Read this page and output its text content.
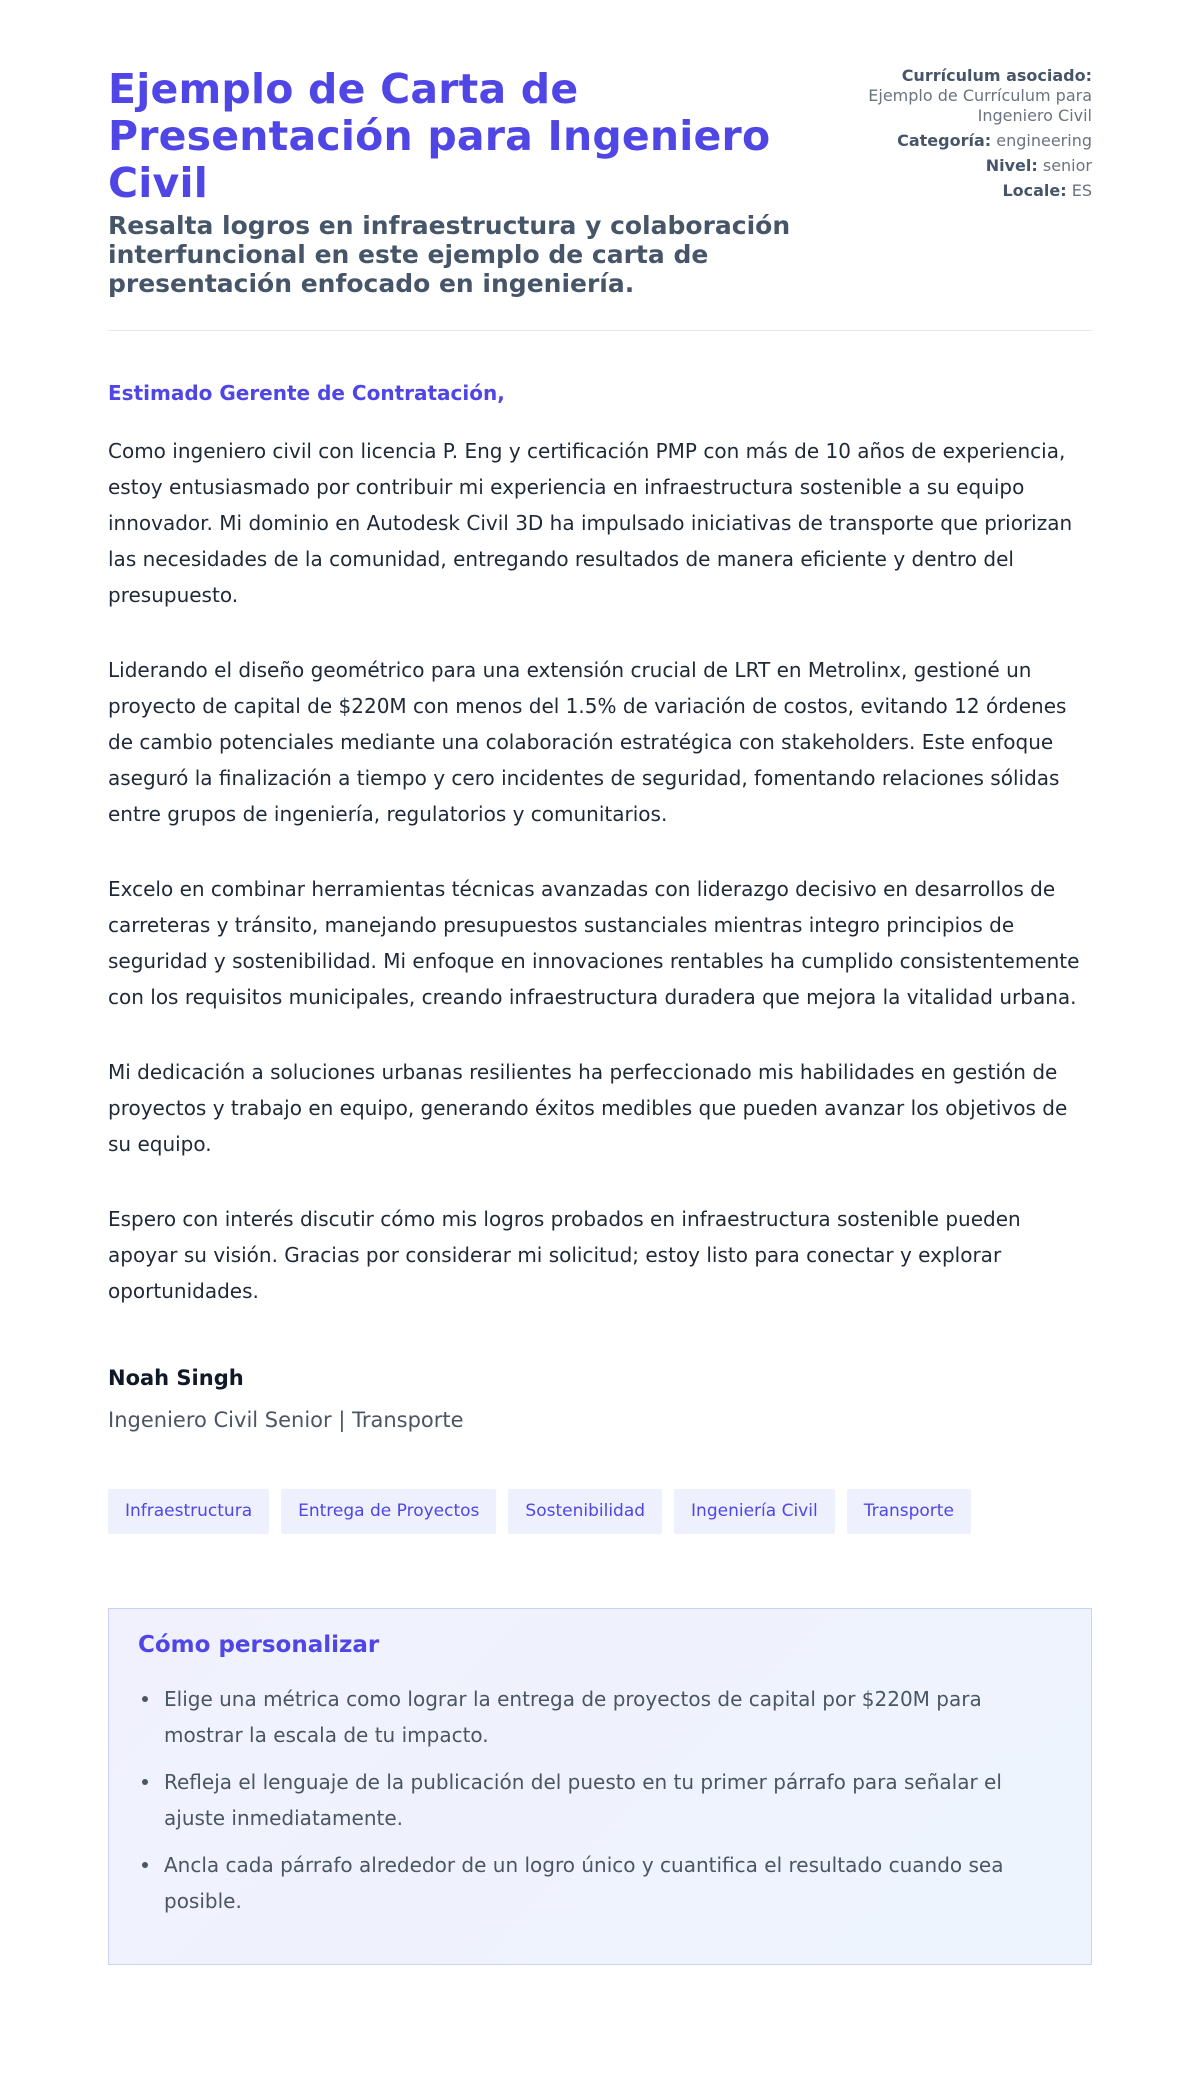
Ejemplo de Carta de Presentación para Ingeniero Civil
Resalta logros en infraestructura y colaboración interfuncional en este ejemplo de carta de presentación enfocado en ingeniería.
Currículum asociado:
Ejemplo de Currículum para Ingeniero Civil
Categoría: engineering
Nivel: senior
Locale: ES
Estimado Gerente de Contratación,

Como ingeniero civil con licencia P. Eng y certificación PMP con más de 10 años de experiencia, estoy entusiasmado por contribuir mi experiencia en infraestructura sostenible a su equipo innovador. Mi dominio en Autodesk Civil 3D ha impulsado iniciativas de transporte que priorizan las necesidades de la comunidad, entregando resultados de manera eficiente y dentro del presupuesto.

Liderando el diseño geométrico para una extensión crucial de LRT en Metrolinx, gestioné un proyecto de capital de $220M con menos del 1.5% de variación de costos, evitando 12 órdenes de cambio potenciales mediante una colaboración estratégica con stakeholders. Este enfoque aseguró la finalización a tiempo y cero incidentes de seguridad, fomentando relaciones sólidas entre grupos de ingeniería, regulatorios y comunitarios.

Excelo en combinar herramientas técnicas avanzadas con liderazgo decisivo en desarrollos de carreteras y tránsito, manejando presupuestos sustanciales mientras integro principios de seguridad y sostenibilidad. Mi enfoque en innovaciones rentables ha cumplido consistentemente con los requisitos municipales, creando infraestructura duradera que mejora la vitalidad urbana.

Mi dedicación a soluciones urbanas resilientes ha perfeccionado mis habilidades en gestión de proyectos y trabajo en equipo, generando éxitos medibles que pueden avanzar los objetivos de su equipo.

Espero con interés discutir cómo mis logros probados en infraestructura sostenible pueden apoyar su visión. Gracias por considerar mi solicitud; estoy listo para conectar y explorar oportunidades.

Noah Singh
Ingeniero Civil Senior | Transporte
Infraestructura	Entrega de Proyectos	Sostenibilidad	Ingeniería Civil	Transporte
Cómo personalizar
Elige una métrica como lograr la entrega de proyectos de capital por $220M para mostrar la escala de tu impacto.
Refleja el lenguaje de la publicación del puesto en tu primer párrafo para señalar el ajuste inmediatamente.
Ancla cada párrafo alrededor de un logro único y cuantifica el resultado cuando sea posible.
